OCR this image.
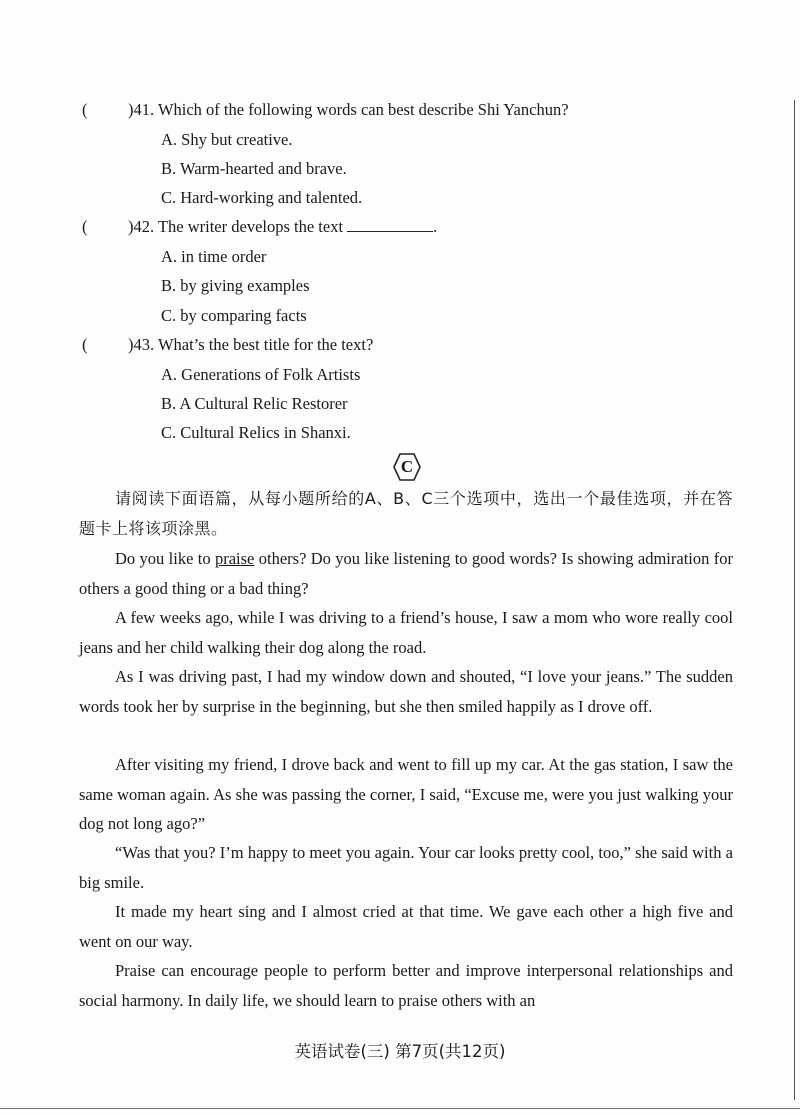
( )41. Which of the following words can best describe Shi Yanchun?
A. Shy but creative.
B. Warm-hearted and brave.
C. Hard-working and talented.
( )42. The writer develops the text	.
A. in time order
B. by giving examples
C. by comparing facts
( )43. What’s the best title for the text?
A. Generations of Folk Artists
B. A Cultural Relic Restorer
C. Cultural Relics in Shanxi.
C
请阅读下面语篇，从每小题所给的A、B、C三个选项中，选出一个最佳选项，并在答题卡上将该项涂黑。
Do you like to praise others? Do you like listening to good words? Is showing admiration for others a good thing or a bad thing?
A few weeks ago, while I was driving to a friend’s house, I saw a mom who wore really cool jeans and her child walking their dog along the road.
As I was driving past, I had my window down and shouted, “I love your jeans.” The sudden words took her by surprise in the beginning, but she then smiled happily as I drove off.
After visiting my friend, I drove back and went to fill up my car. At the gas station, I saw the same woman again. As she was passing the corner, I said, “Excuse me, were you just walking your dog not long ago?”
“Was that you? I’m happy to meet you again. Your car looks pretty cool, too,” she said with a big smile.
It made my heart sing and I almost cried at that time. We gave each other a high five and went on our way.
Praise can encourage people to perform better and improve interpersonal relationships and social harmony. In daily life, we should learn to praise others with an
英语试卷(三) 第7页(共12页)
